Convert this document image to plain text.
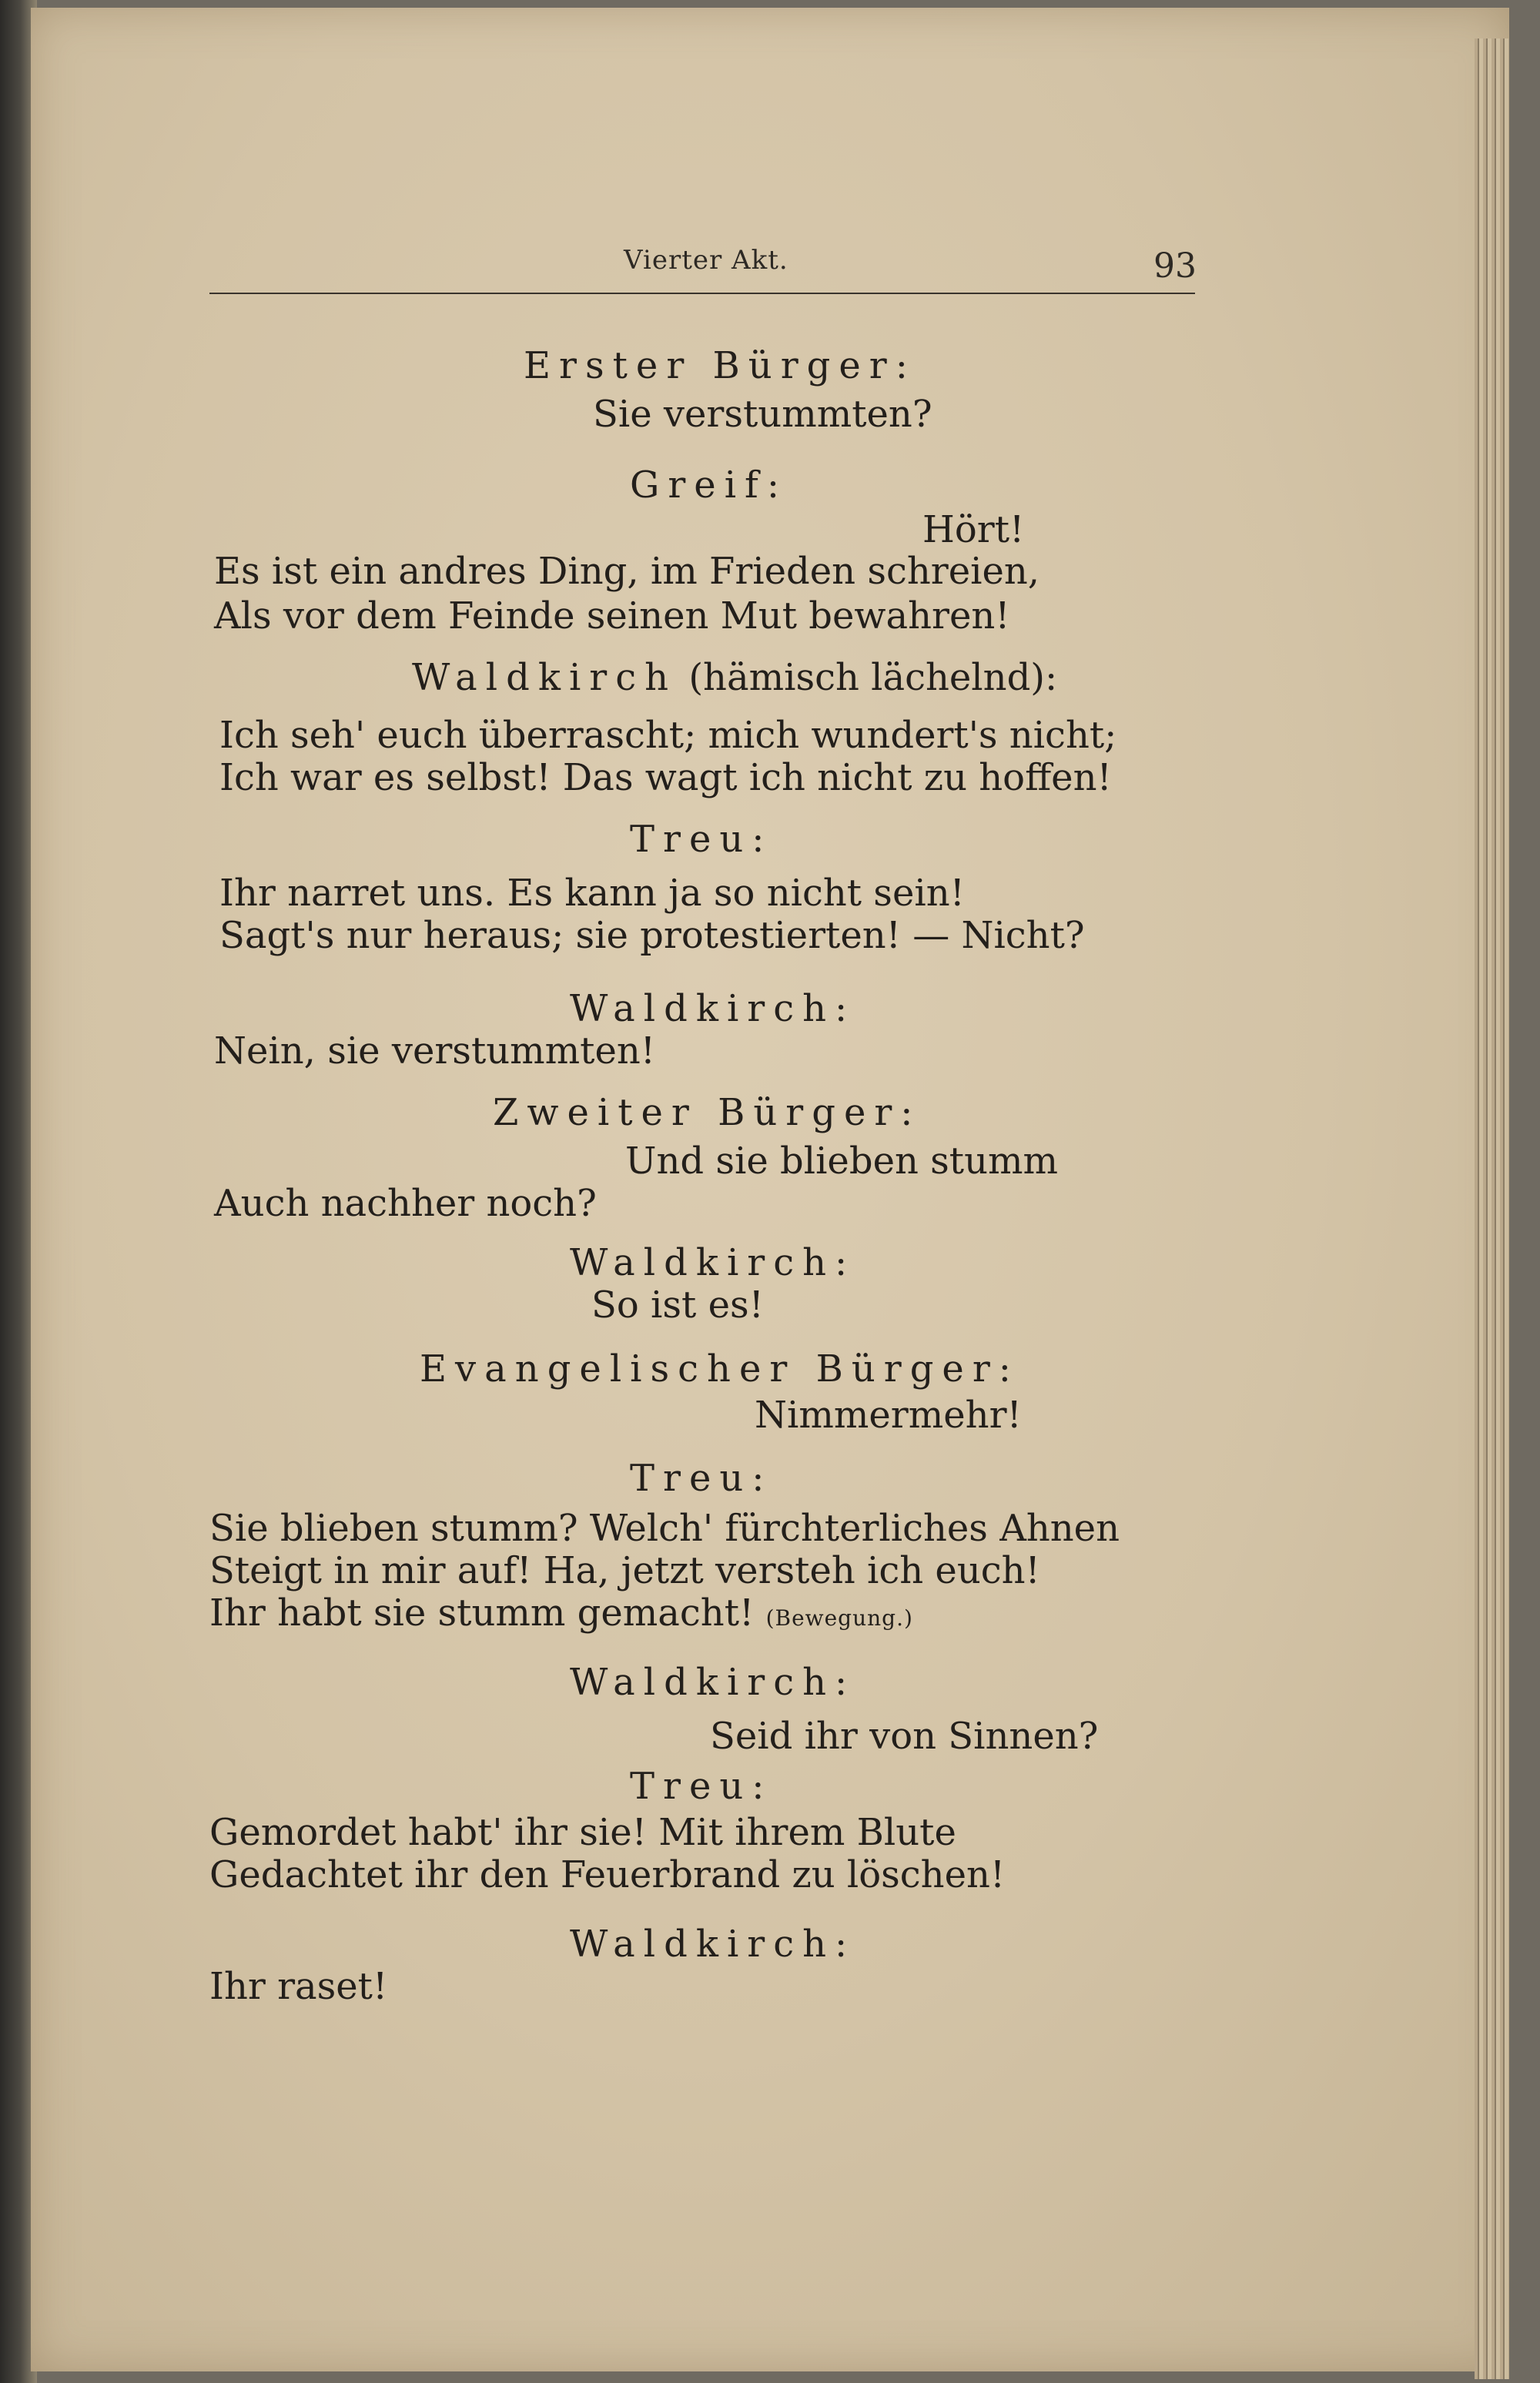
Vierter Akt.	93
Erster Bürger:
Sie verstummten?
Greif:
Hört!
Es ist ein andres Ding, im Frieden schreien,
Als vor dem Feinde seinen Mut bewahren!
Waldkirch (hämisch lächelnd):
Ich seh' euch überrascht; mich wundert's nicht;
Ich war es selbst! Das wagt ich nicht zu hoffen!
Treu:
Ihr narret uns. Es kann ja so nicht sein!
Sagt's nur heraus; sie protestierten! — Nicht?
Waldkirch:
Nein, sie verstummten!
Zweiter Bürger:
Und sie blieben stumm
Auch nachher noch?
Waldkirch:
So ist es!
Evangelischer Bürger:
Nimmermehr!
Treu:
Sie blieben stumm? Welch' fürchterliches Ahnen
Steigt in mir auf! Ha, jetzt versteh ich euch!
Ihr habt sie stumm gemacht! (Bewegung.)
Waldkirch:
Seid ihr von Sinnen?
Treu:
Gemordet habt' ihr sie! Mit ihrem Blute
Gedachtet ihr den Feuerbrand zu löschen!
Waldkirch:
Ihr raset!
